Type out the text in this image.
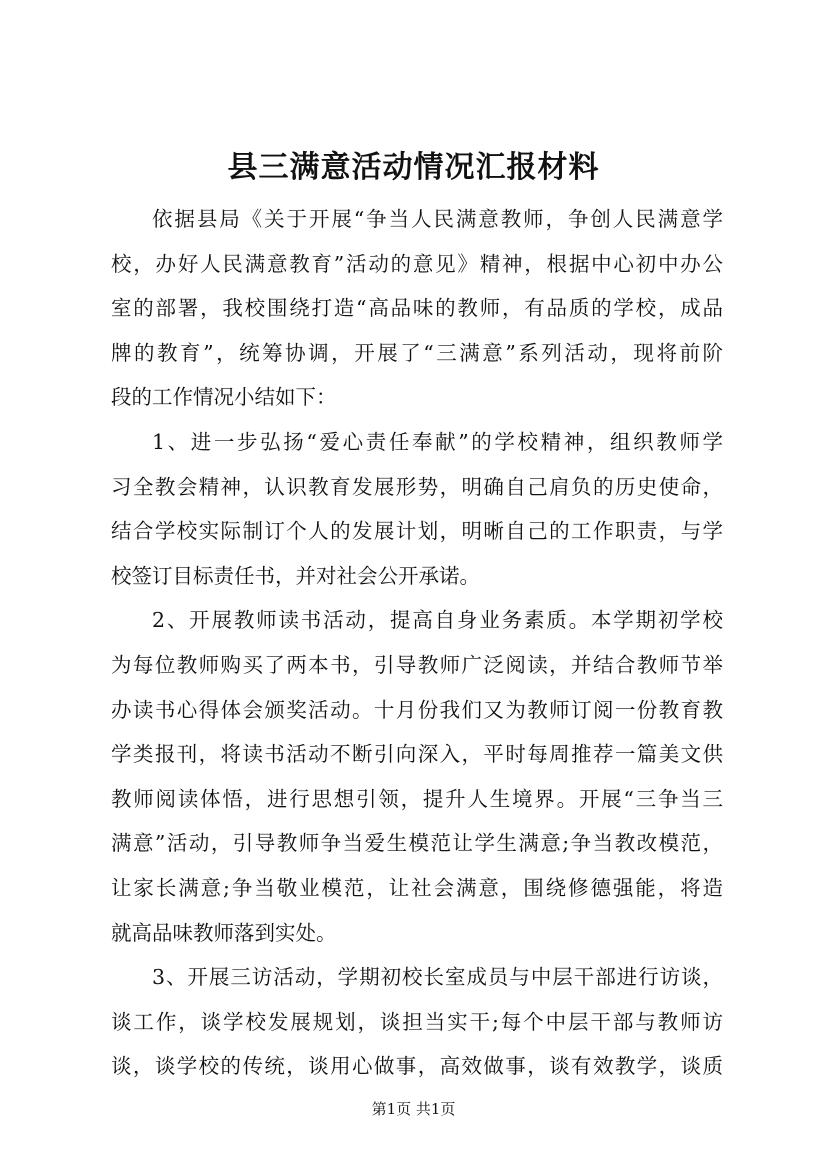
县三满意活动情况汇报材料
依据县局《关于开展“争当人民满意教师，争创人民满意学
校，办好人民满意教育”活动的意见》精神，根据中心初中办公
室的部署，我校围绕打造“高品味的教师，有品质的学校，成品
牌的教育”，统筹协调，开展了“三满意”系列活动，现将前阶
段的工作情况小结如下：
1、进一步弘扬“爱心责任奉献”的学校精神，组织教师学
习全教会精神，认识教育发展形势，明确自己肩负的历史使命，
结合学校实际制订个人的发展计划，明晰自己的工作职责，与学
校签订目标责任书，并对社会公开承诺。
2、开展教师读书活动，提高自身业务素质。本学期初学校
为每位教师购买了两本书，引导教师广泛阅读，并结合教师节举
办读书心得体会颁奖活动。十月份我们又为教师订阅一份教育教
学类报刊，将读书活动不断引向深入，平时每周推荐一篇美文供
教师阅读体悟，进行思想引领，提升人生境界。开展“三争当三
满意”活动，引导教师争当爱生模范让学生满意;争当教改模范，
让家长满意;争当敬业模范，让社会满意，围绕修德强能，将造
就高品味教师落到实处。
3、开展三访活动，学期初校长室成员与中层干部进行访谈，
谈工作，谈学校发展规划，谈担当实干;每个中层干部与教师访
谈，谈学校的传统，谈用心做事，高效做事，谈有效教学，谈质
第1页 共1页
